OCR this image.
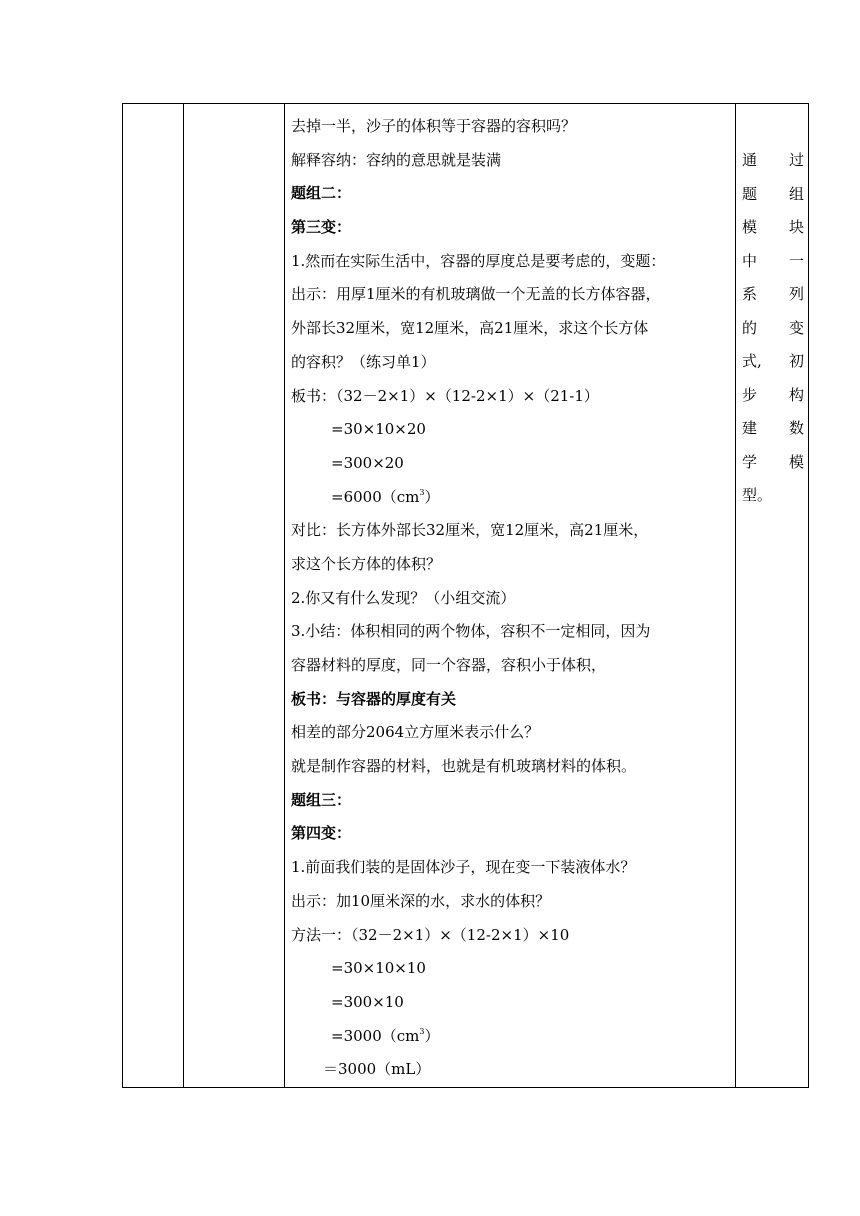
去掉一半，沙子的体积等于容器的容积吗？
解释容纳：容纳的意思就是装满
题组二：
第三变：
1.然而在实际生活中，容器的厚度总是要考虑的，变题：
出示：用厚1厘米的有机玻璃做一个无盖的长方体容器，
外部长32厘米，宽12厘米，高21厘米，求这个长方体
的容积？（练习单1）
板书：（32－2×1）×（12-2×1）×（21-1）
=30×10×20
=300×20
$=6000(cm^3)$
对比：长方体外部长32厘米，宽12厘米，高21厘米，
求这个长方体的体积？
2.你又有什么发现？（小组交流）
3.小结：体积相同的两个物体，容积不一定相同，因为
容器材料的厚度，同一个容器，容积小于体积，
板书：与容器的厚度有关
相差的部分2064立方厘米表示什么？
就是制作容器的材料，也就是有机玻璃材料的体积。
题组三：
第四变：
1.前面我们装的是固体沙子，现在变一下装液体水？
出示：加10厘米深的水，求水的体积？
方法一：（32－2×1）×（12-2×1）×10
=30×10×10
=300×10
$=3000(cm^3)$
＝3000（mL）

通 过
题 组
模 块
中 一
系 列
的 变
式, 初
步 构
建 数
学 模
型。
